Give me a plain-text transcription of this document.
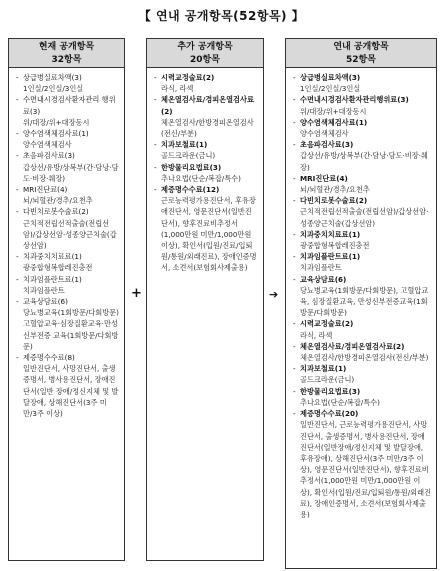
【 연내 공개항목(52항목) 】
현재 공개항목
32항목
- 상급병실료차액(3)
1인실/2인실/3인실
- 수면내시경검사환자관리 행위료(3)
위/대장/위+대장동시
- 양수염색체검사료(1)
양수염색체검사
- 초음파검사료(3)
갑상선/유방/상복부(간·담낭·담도·비장·췌장)
- MRI진단료(4)
뇌/뇌혈관/경추/요천추
- 다빈치로봇수술료(2)
근치적전립선적출술(전립선암)/갑상선암·성종양근치술(갑상선암)
- 치과중치치료료(1)
광중합형복합레진충전
- 치과임플란트료(1)
치과임플란트
- 교육상담료(6)
당뇨병교육(1회방문/다회방문) 고혈압교육·심장질환교육·만성신부전증 교육(1회방문/다회방문)
- 제증명수수료(8)
일반진단서, 사망진단서, 출생증명서, 병사용진단서, 장애진단서(일반 장애/정신지체 및 발달장애, 상해진단서(3주 미만/3주 이상)
+
추가 공개항목
20항목
- 시력교정술료(2)
라식, 라섹
- 체온열검사료/경피온열검사료(2)
체온열검사/한방경피온열검사(전신/부분)
- 치과보철료(1)
골드크라운(금니)
- 한방물리요법료(3)
추나요법(단순/복잡/특수)
- 제증명수수료(12)
근로능력평가용진단서, 후유장애진단서, 영문진단서(일반진단서), 향후진료비추정서(1,000만원 미만/1,000만원 이상), 확인서(입원/진료/입퇴원/통원/외래진료), 장애인증명서, 소견서(보험회사제출용)
➔
연내 공개항목
52항목
- 상급병실료차액(3)
1인실/2인실/3인실
- 수면내시경검사환자관리행위료(3)
위/대장/위+대장동시
- 양수염색체검사료(1)
양수염색체검사
- 초음파검사료(3)
갑상선/유방/상복부(간·담낭·담도·비장·췌장)
- MRI진단료(4)
뇌/뇌혈관/경추/요천추
- 다빈치로봇수술료(2)
근치적전립선적출술(전립선암)/갑상선암·성종양근치술(갑상선암)
- 치과중치치료료(1)
광중합형복합레진충전
- 치과임플란트료(1)
치과임플란트
- 교육상담료(6)
당뇨병교육(1회방문/다회방문), 고혈압교육, 심장질환교육, 만성신부전증교육(1회방문/다회방문)
- 시력교정술료(2)
라식, 라섹
- 체온열검사료/경피온열검사료(2)
체온열검사/한방경피온열검사(전신/부분)
- 치과보철료(1)
골드크라운(금니)
- 한방물리요법료(3)
추나요법(단순/복잡/특수)
- 제증명수수료(20)
일반진단서, 근로능력평가용진단서, 사망진단서, 출생증명서, 병사용진단서, 장애진단서(일반장애/정신지체 및 발달장애, 후유장애), 상해진단서(3주 미만/3주 이상), 영문진단서(일반진단서), 향후진료비추정서(1,000만원 미만/1,000만원 이상), 확인서(입원/진료/입퇴원/통원/외래진료), 장애인증명서, 소견서(보험회사제출용)
